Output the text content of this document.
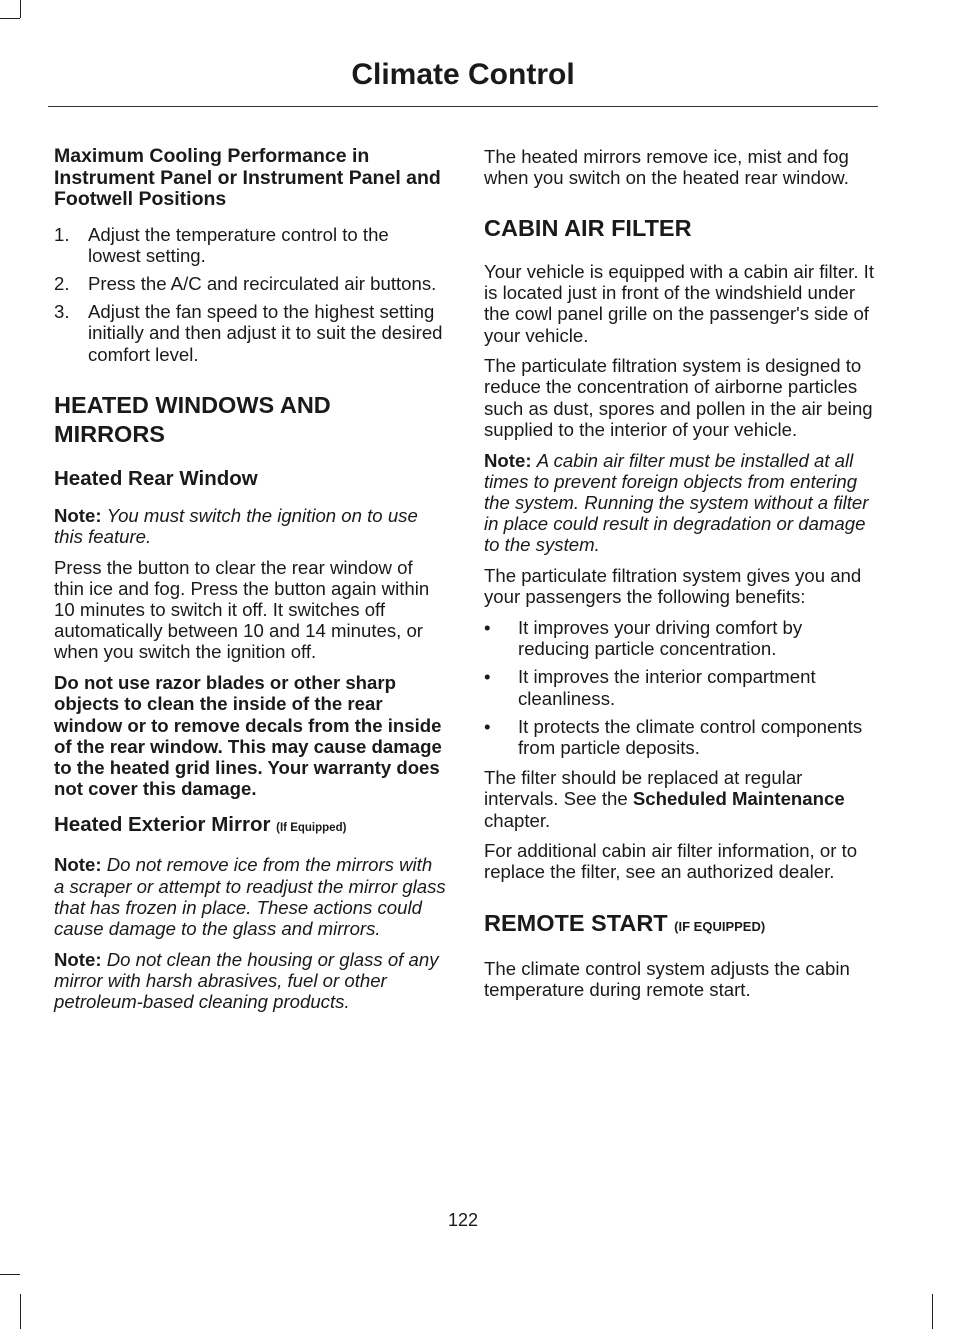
Climate Control
Maximum Cooling Performance in Instrument Panel or Instrument Panel and Footwell Positions
1. Adjust the temperature control to the lowest setting.
2. Press the A/C and recirculated air buttons.
3. Adjust the fan speed to the highest setting initially and then adjust it to suit the desired comfort level.
HEATED WINDOWS AND MIRRORS
Heated Rear Window

Note: You must switch the ignition on to use this feature.

Press the button to clear the rear window of thin ice and fog. Press the button again within 10 minutes to switch it off. It switches off automatically between 10 and 14 minutes, or when you switch the ignition off.

Do not use razor blades or other sharp objects to clean the inside of the rear window or to remove decals from the inside of the rear window. This may cause damage to the heated grid lines. Your warranty does not cover this damage.

Heated Exterior Mirror (If Equipped)

Note: Do not remove ice from the mirrors with a scraper or attempt to readjust the mirror glass that has frozen in place. These actions could cause damage to the glass and mirrors.

Note: Do not clean the housing or glass of any mirror with harsh abrasives, fuel or other petroleum-based cleaning products.

The heated mirrors remove ice, mist and fog when you switch on the heated rear window.

CABIN AIR FILTER

Your vehicle is equipped with a cabin air filter. It is located just in front of the windshield under the cowl panel grille on the passenger's side of your vehicle.

The particulate filtration system is designed to reduce the concentration of airborne particles such as dust, spores and pollen in the air being supplied to the interior of your vehicle.

Note: A cabin air filter must be installed at all times to prevent foreign objects from entering the system. Running the system without a filter in place could result in degradation or damage to the system.

The particulate filtration system gives you and your passengers the following benefits:

• It improves your driving comfort by reducing particle concentration.
• It improves the interior compartment cleanliness.
• It protects the climate control components from particle deposits.

The filter should be replaced at regular intervals. See the Scheduled Maintenance chapter.

For additional cabin air filter information, or to replace the filter, see an authorized dealer.

REMOTE START (IF EQUIPPED)

The climate control system adjusts the cabin temperature during remote start.

122
